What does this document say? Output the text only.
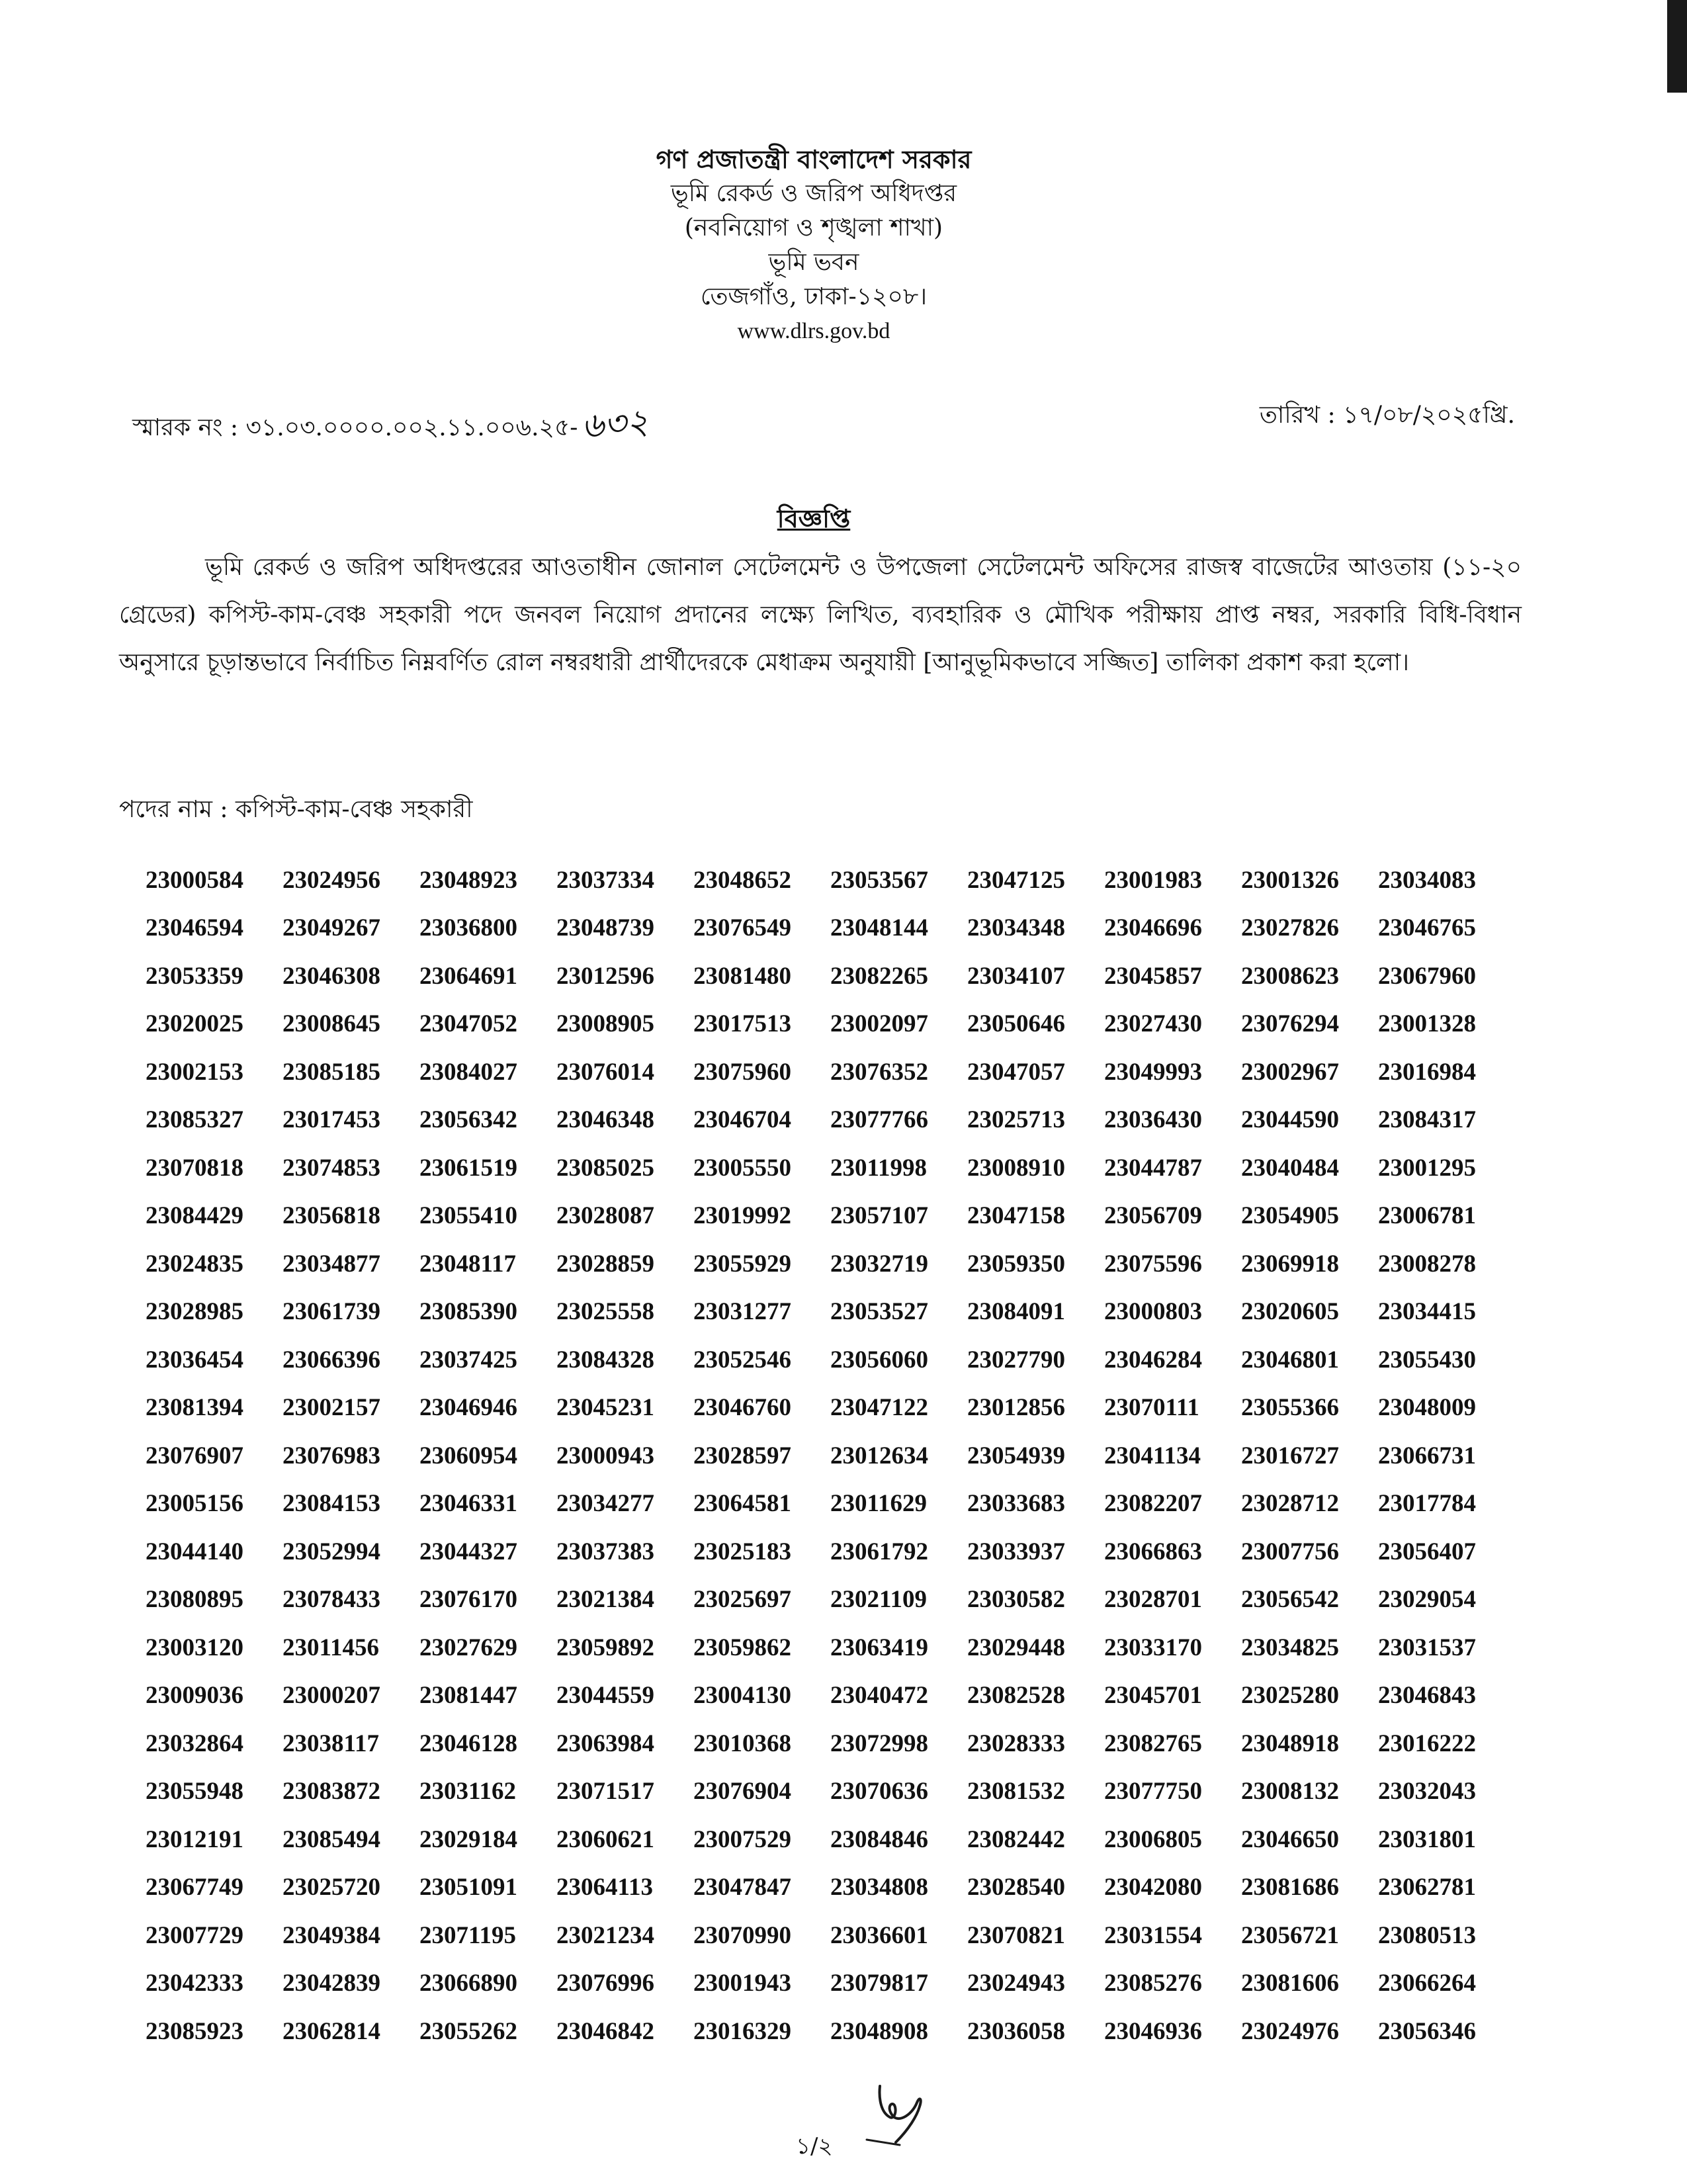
গণ প্রজাতন্ত্রী বাংলাদেশ সরকার
ভূমি রেকর্ড ও জরিপ অধিদপ্তর
(নবনিয়োগ ও শৃঙ্খলা শাখা)
ভূমি ভবন
তেজগাঁও, ঢাকা-১২০৮।
www.dlrs.gov.bd
স্মারক নং : ৩১.০৩.০০০০.০০২.১১.০০৬.২৫-৬৩২	তারিখ : ১৭/০৮/২০২৫খ্রি.
বিজ্ঞপ্তি
ভূমি রেকর্ড ও জরিপ অধিদপ্তরের আওতাধীন জোনাল সেটেলমেন্ট ও উপজেলা সেটেলমেন্ট অফিসের রাজস্ব বাজেটের আওতায় (১১-২০ গ্রেডের) কপিস্ট-কাম-বেঞ্চ সহকারী পদে জনবল নিয়োগ প্রদানের লক্ষ্যে লিখিত, ব্যবহারিক ও মৌখিক পরীক্ষায় প্রাপ্ত নম্বর, সরকারি বিধি-বিধান অনুসারে চূড়ান্তভাবে নির্বাচিত নিম্নবর্ণিত রোল নম্বরধারী প্রার্থীদেরকে মেধাক্রম অনুযায়ী [আনুভূমিকভাবে সজ্জিত] তালিকা প্রকাশ করা হলো।
পদের নাম : কপিস্ট-কাম-বেঞ্চ সহকারী
23000584	23024956	23048923	23037334	23048652	23053567	23047125	23001983	23001326	23034083
23046594	23049267	23036800	23048739	23076549	23048144	23034348	23046696	23027826	23046765
23053359	23046308	23064691	23012596	23081480	23082265	23034107	23045857	23008623	23067960
23020025	23008645	23047052	23008905	23017513	23002097	23050646	23027430	23076294	23001328
23002153	23085185	23084027	23076014	23075960	23076352	23047057	23049993	23002967	23016984
23085327	23017453	23056342	23046348	23046704	23077766	23025713	23036430	23044590	23084317
23070818	23074853	23061519	23085025	23005550	23011998	23008910	23044787	23040484	23001295
23084429	23056818	23055410	23028087	23019992	23057107	23047158	23056709	23054905	23006781
23024835	23034877	23048117	23028859	23055929	23032719	23059350	23075596	23069918	23008278
23028985	23061739	23085390	23025558	23031277	23053527	23084091	23000803	23020605	23034415
23036454	23066396	23037425	23084328	23052546	23056060	23027790	23046284	23046801	23055430
23081394	23002157	23046946	23045231	23046760	23047122	23012856	23070111	23055366	23048009
23076907	23076983	23060954	23000943	23028597	23012634	23054939	23041134	23016727	23066731
23005156	23084153	23046331	23034277	23064581	23011629	23033683	23082207	23028712	23017784
23044140	23052994	23044327	23037383	23025183	23061792	23033937	23066863	23007756	23056407
23080895	23078433	23076170	23021384	23025697	23021109	23030582	23028701	23056542	23029054
23003120	23011456	23027629	23059892	23059862	23063419	23029448	23033170	23034825	23031537
23009036	23000207	23081447	23044559	23004130	23040472	23082528	23045701	23025280	23046843
23032864	23038117	23046128	23063984	23010368	23072998	23028333	23082765	23048918	23016222
23055948	23083872	23031162	23071517	23076904	23070636	23081532	23077750	23008132	23032043
23012191	23085494	23029184	23060621	23007529	23084846	23082442	23006805	23046650	23031801
23067749	23025720	23051091	23064113	23047847	23034808	23028540	23042080	23081686	23062781
23007729	23049384	23071195	23021234	23070990	23036601	23070821	23031554	23056721	23080513
23042333	23042839	23066890	23076996	23001943	23079817	23024943	23085276	23081606	23066264
23085923	23062814	23055262	23046842	23016329	23048908	23036058	23046936	23024976	23056346
১/২
